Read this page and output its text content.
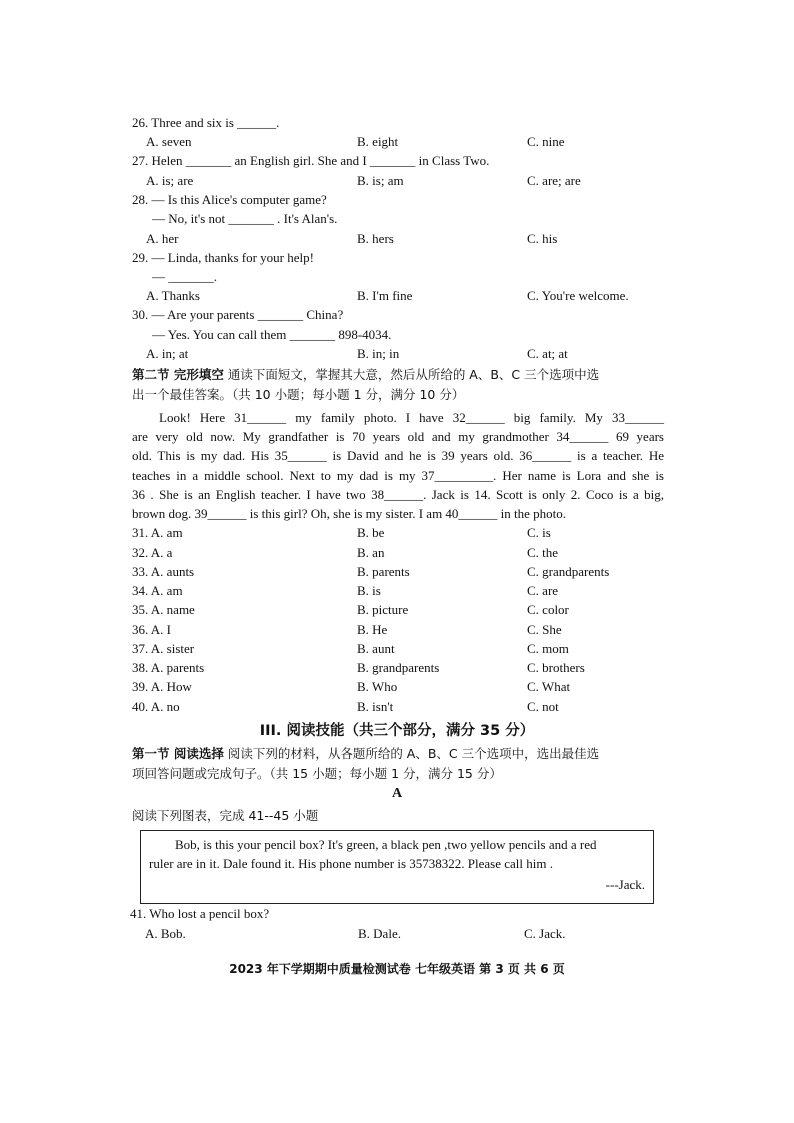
26. Three and six is ______.
A. seven	B. eight	C. nine
27. Helen _______ an English girl. She and I _______ in Class Two.
A. is; are	B. is; am	C. are; are
28. — Is this Alice's computer game?
— No, it's not _______ . It's Alan's.
A. her	B. hers	C. his
29. — Linda, thanks for your help!
— _______.
A. Thanks	B. I'm fine	C. You're welcome.
30. — Are your parents _______ China?
— Yes. You can call them _______ 898-4034.
A. in; at	B. in; in	C. at; at
第二节 完形填空 通读下面短文，掌握其大意，然后从所给的 A、B、C 三个选项中选
出一个最佳答案。（共 10 小题；每小题 1 分，满分 10 分）
Look! Here 31______ my family photo. I have 32______ big family. My 33______
are very old now. My grandfather is 70 years old and my grandmother 34______ 69 years
old. This is my dad. His 35______ is David and he is 39 years old. 36______ is a teacher. He
teaches in a middle school. Next to my dad is my 37_________. Her name is Lora and she is
36 . She is an English teacher. I have two 38______. Jack is 14. Scott is only 2. Coco is a big,
brown dog. 39______ is this girl? Oh, she is my sister. I am 40______ in the photo.
31. A. am	B. be	C. is
32. A. a	B. an	C. the
33. A. aunts	B. parents	C. grandparents
34. A. am	B. is	C. are
35. A. name	B. picture	C. color
36. A. I	B. He	C. She
37. A. sister	B. aunt	C. mom
38. A. parents	B. grandparents	C. brothers
39. A. How	B. Who	C. What
40. A. no	B. isn't	C. not
III. 阅读技能（共三个部分，满分 35 分）
第一节 阅读选择 阅读下列的材料，从各题所给的 A、B、C 三个选项中，选出最佳选
项回答问题或完成句子。（共 15 小题；每小题 1 分，满分 15 分）
A
阅读下列图表，完成 41--45 小题
Bob, is this your pencil box? It's green, a black pen ,two yellow pencils and a red
ruler are in it. Dale found it. His phone number is 35738322. Please call him .
---Jack.
41. Who lost a pencil box?
A. Bob.	B. Dale.	C. Jack.
2023 年下学期期中质量检测试卷 七年级英语 第 3 页 共 6 页
